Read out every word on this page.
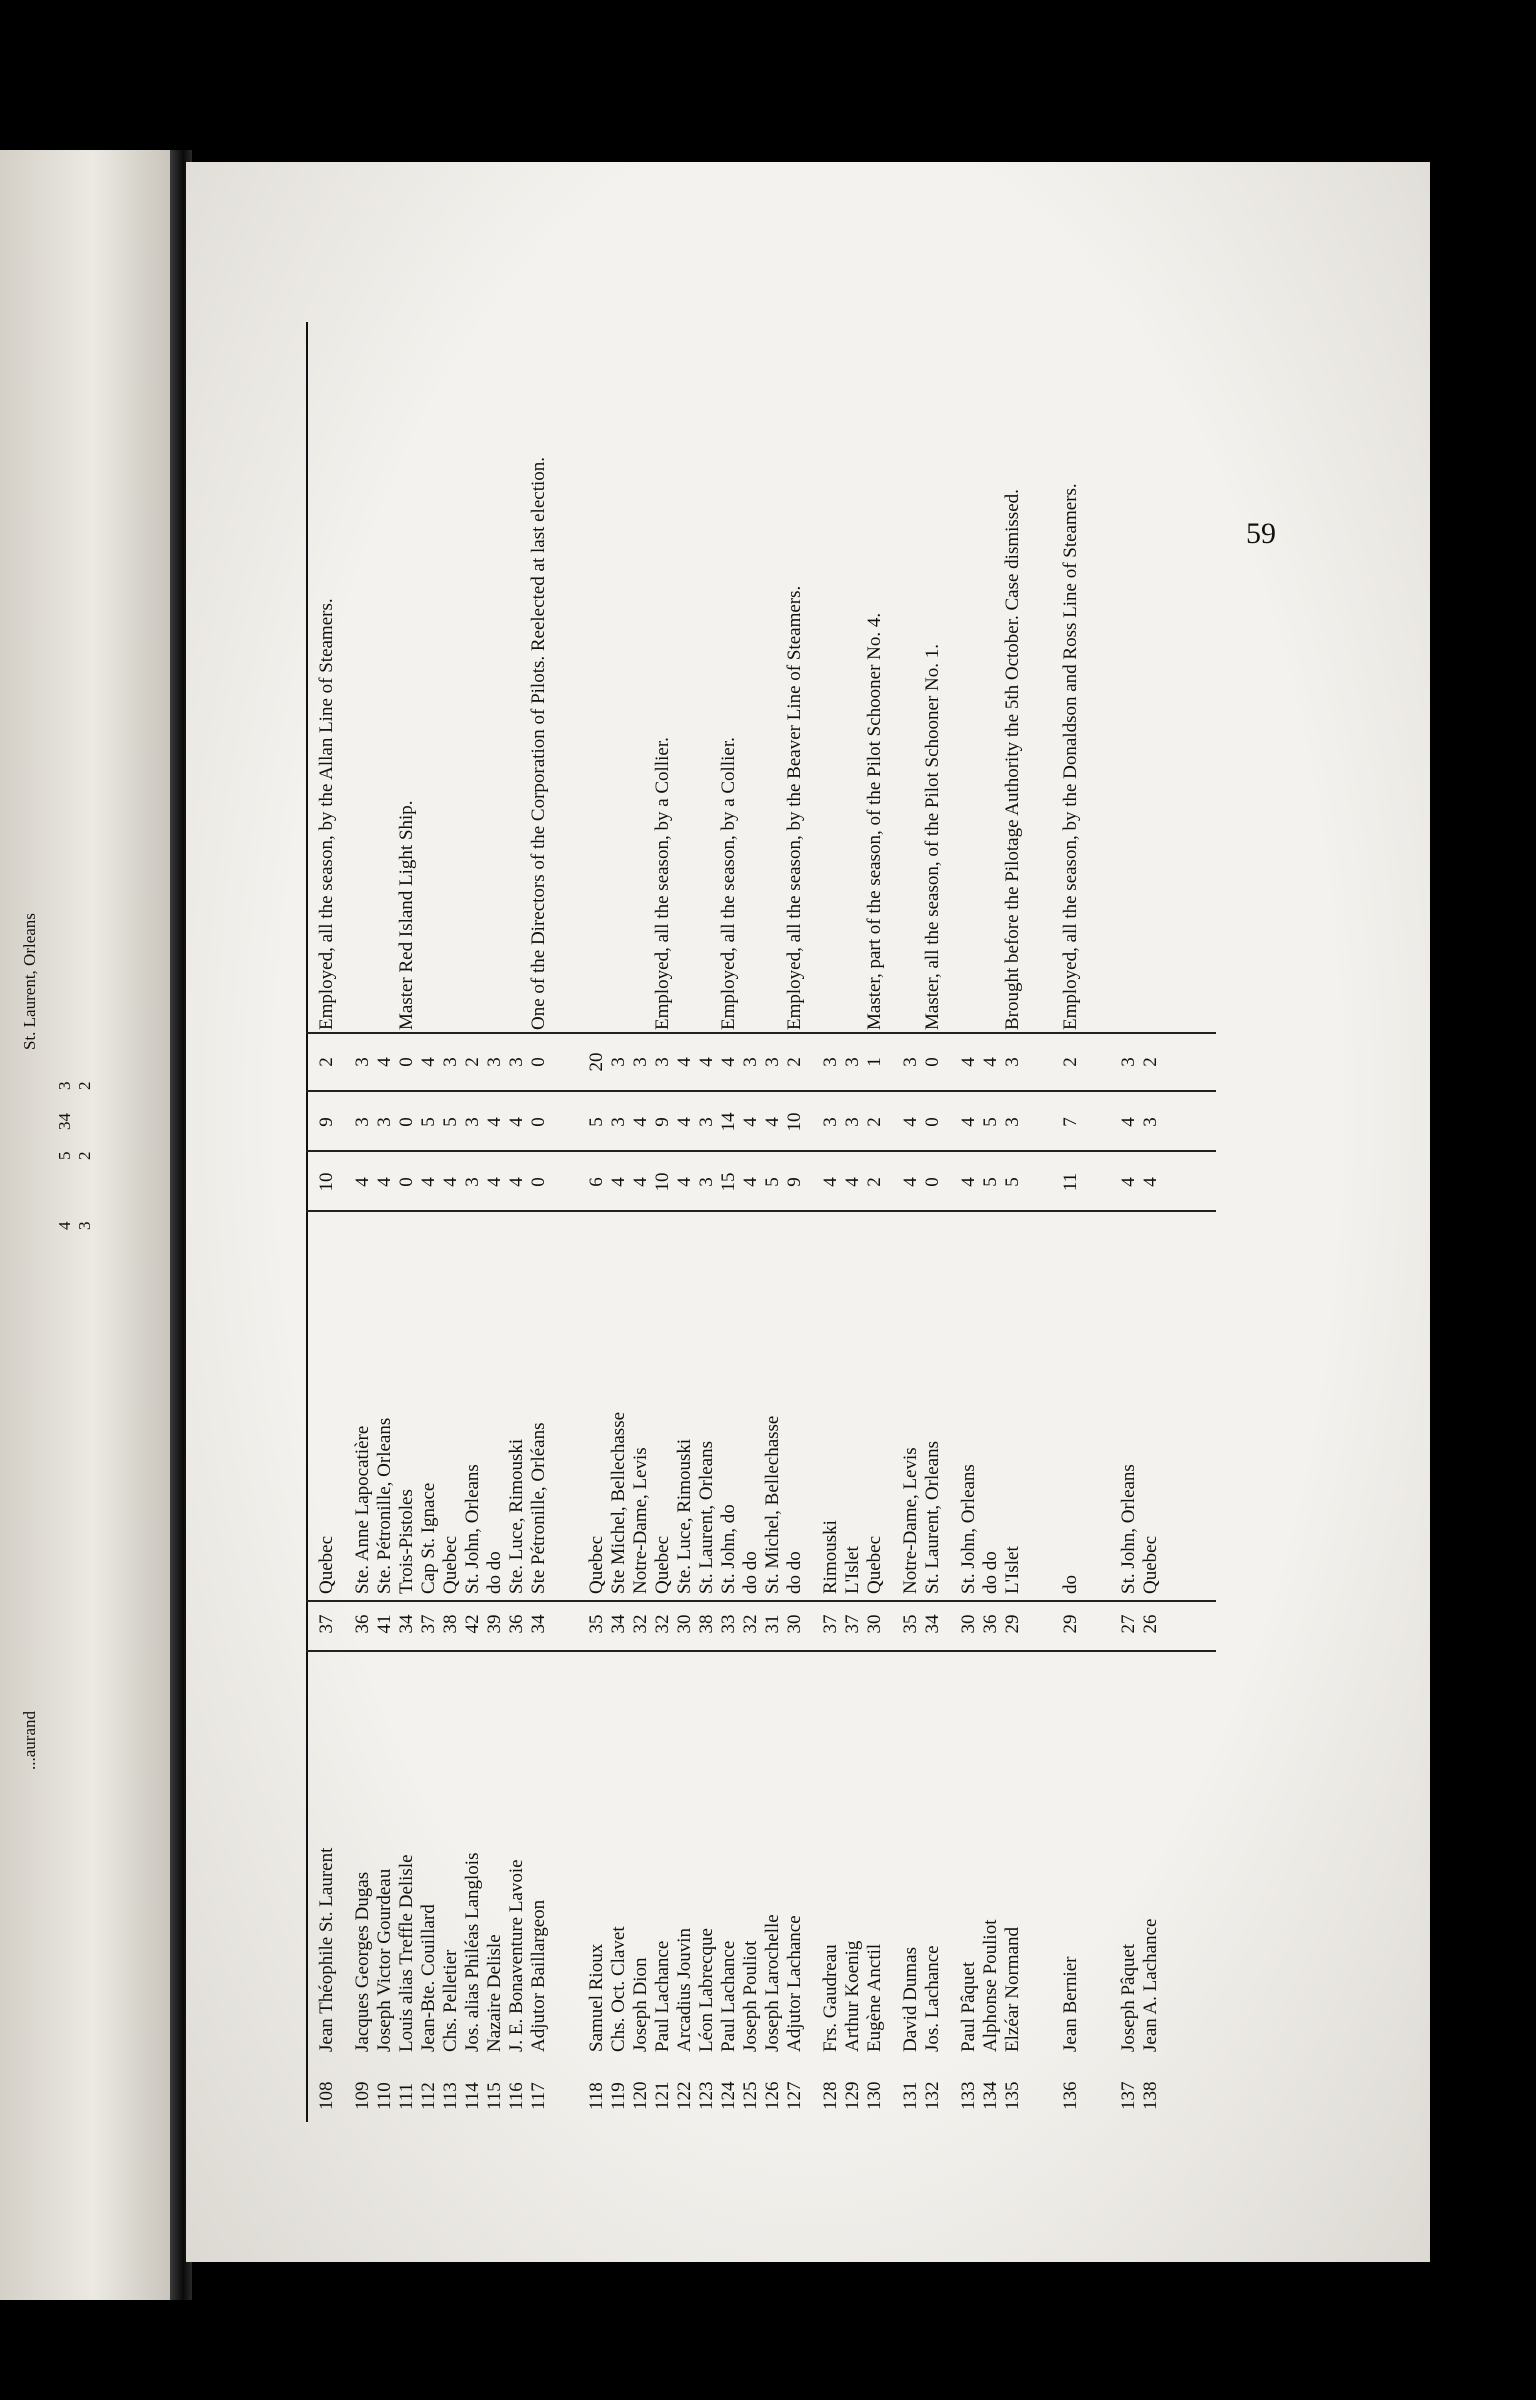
St. Laurent, Orleans
34
4 3
5 2
3 2
...aurand
59
108
Jean Théophile St. Laurent
37
Quebec
10
9
2
Employed, all the season, by the Allan Line of Steamers.
109
Jacques Georges Dugas
36
Ste. Anne Lapocatière
4
3
3
110
Joseph Victor Gourdeau
41
Ste. Pétronille, Orleans
4
3
4
111
Louis alias Treffle Delisle
34
Trois-Pistoles
0
0
0
Master Red Island Light Ship.
112
Jean-Bte. Couillard
37
Cap St. Ignace
4
5
4
113
Chs. Pelletier
38
Quebec
4
5
3
114
Jos. alias Philéas Langlois
42
St. John, Orleans
3
3
2
115
Nazaire Delisle
39
do do
4
4
3
116
J. E. Bonaventure Lavoie
36
Ste. Luce, Rimouski
4
4
3
117
Adjutor Baillargeon
34
Ste Pétronille, Orléans
0
0
0
One of the Directors of the Corporation of Pilots. Reelected at last election.
118
Samuel Rioux
35
Quebec
6
5
20
119
Chs. Oct. Clavet
34
Ste Michel, Bellechasse
4
3
3
120
Joseph Dion
32
Notre-Dame, Levis
4
4
3
121
Paul Lachance
32
Quebec
10
9
3
Employed, all the season, by a Collier.
122
Arcadius Jouvin
30
Ste. Luce, Rimouski
4
4
4
123
Léon Labrecque
38
St. Laurent, Orleans
3
3
4
124
Paul Lachance
33
St. John, do
15
14
4
Employed, all the season, by a Collier.
125
Joseph Pouliot
32
do do
4
4
3
126
Joseph Larochelle
31
St. Michel, Bellechasse
5
4
3
127
Adjutor Lachance
30
do do
9
10
2
Employed, all the season, by the Beaver Line of Steamers.
128
Frs. Gaudreau
37
Rimouski
4
3
3
129
Arthur Koenig
37
L'Islet
4
3
3
130
Eugène Anctil
30
Quebec
2
2
1
Master, part of the season, of the Pilot Schooner No. 4.
131
David Dumas
35
Notre-Dame, Levis
4
4
3
132
Jos. Lachance
34
St. Laurent, Orleans
0
0
0
Master, all the season, of the Pilot Schooner No. 1.
133
Paul Pâquet
30
St. John, Orleans
4
4
4
134
Alphonse Pouliot
36
do do
5
5
4
135
Elzéar Normand
29
L'Islet
5
3
3
Brought before the Pilotage Authority the 5th October. Case dismissed.
136
Jean Bernier
29
do
11
7
2
Employed, all the season, by the Donaldson and Ross Line of Steamers.
137
Joseph Pâquet
27
St. John, Orleans
4
4
3
138
Jean A. Lachance
26
Quebec
4
3
2
